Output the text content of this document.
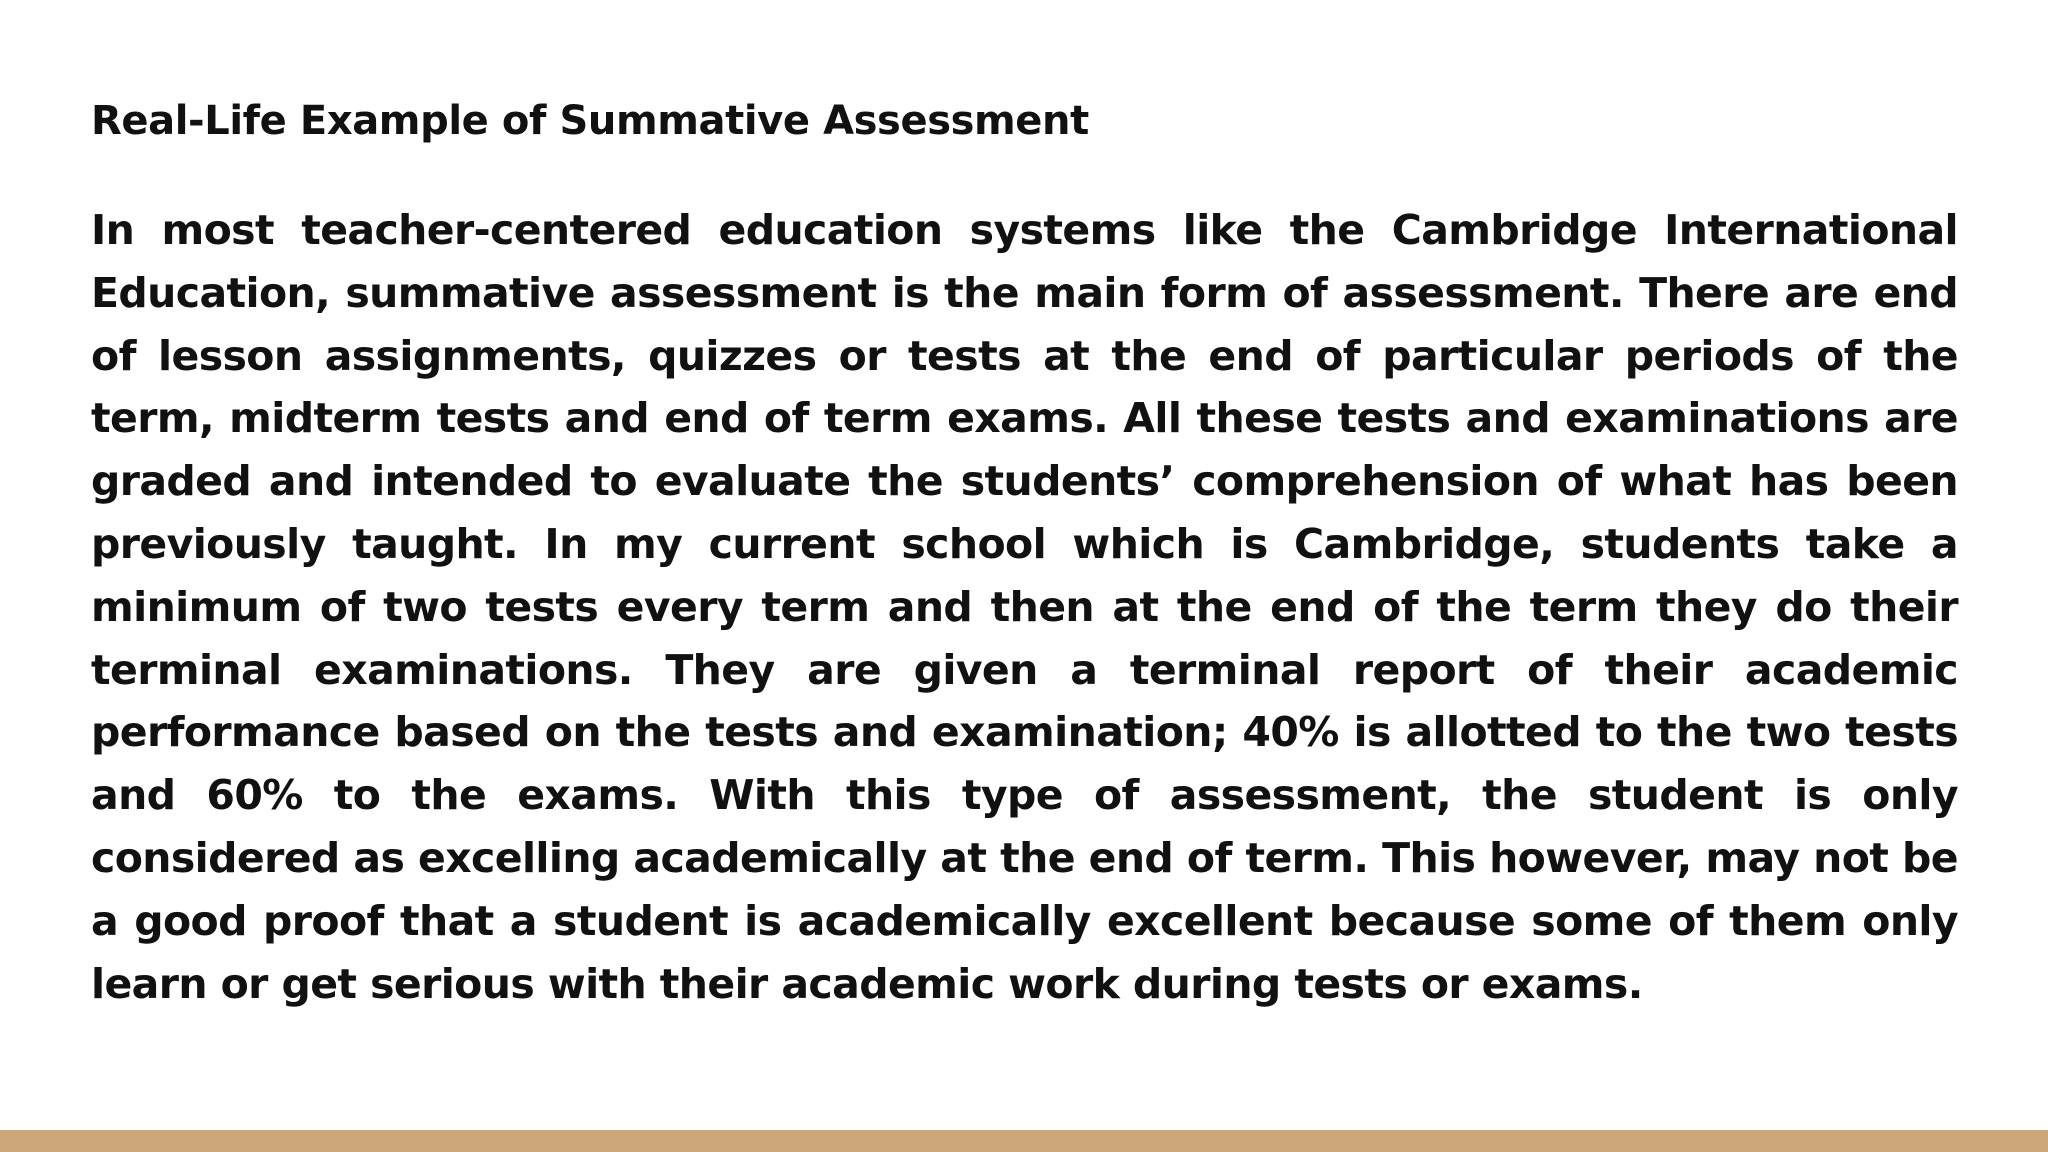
Real-Life Example of Summative Assessment

In most teacher-centered education systems like the Cambridge International Education, summative assessment is the main form of assessment. There are end of lesson assignments, quizzes or tests at the end of particular periods of the term, midterm tests and end of term exams. All these tests and examinations are graded and intended to evaluate the students’ comprehension of what has been previously taught. In my current school which is Cambridge, students take a minimum of two tests every term and then at the end of the term they do their terminal examinations. They are given a terminal report of their academic performance based on the tests and examination; 40% is allotted to the two tests and 60% to the exams. With this type of assessment, the student is only considered as excelling academically at the end of term. This however, may not be a good proof that a student is academically excellent because some of them only learn or get serious with their academic work during tests or exams.
